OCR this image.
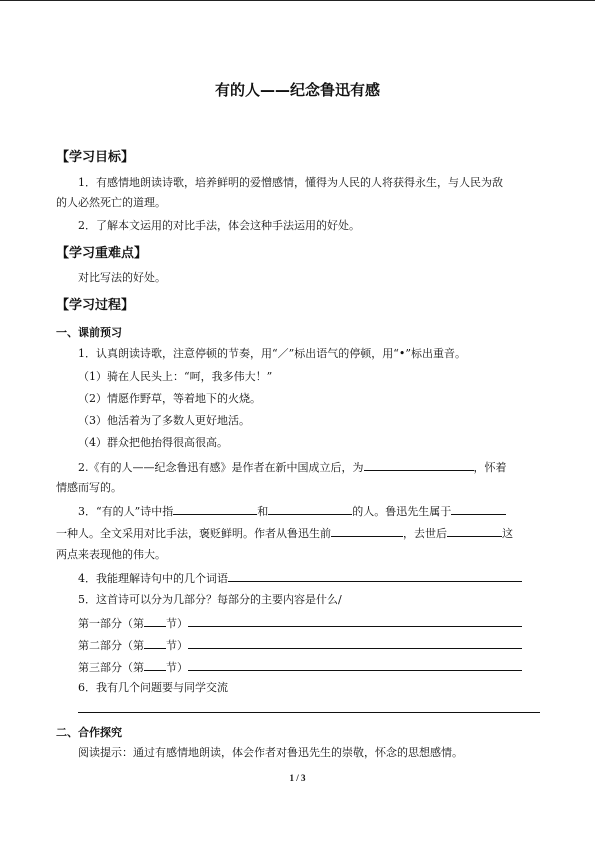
有的人——纪念鲁迅有感
【学习目标】
1．有感情地朗读诗歌，培养鲜明的爱憎感情，懂得为人民的人将获得永生，与人民为敌
的人必然死亡的道理。
2．了解本文运用的对比手法，体会这种手法运用的好处。
【学习重难点】
对比写法的好处。
【学习过程】
一、课前预习
1．认真朗读诗歌，注意停顿的节奏，用“／”标出语气的停顿，用“•”标出重音。
（1）骑在人民头上：“呵，我多伟大！”
（2）情愿作野草，等着地下的火烧。
（3）他活着为了多数人更好地活。
（4）群众把他抬得很高很高。
2.《有的人——纪念鲁迅有感》是作者在新中国成立后，为	，怀着
情感而写的。
3．“有的人”诗中指	和	的人。鲁迅先生属于
一种人。全文采用对比手法，褒贬鲜明。作者从鲁迅生前	，去世后	这
两点来表现他的伟大。
4．我能理解诗句中的几个词语
5．这首诗可以分为几部分？每部分的主要内容是什么/
第一部分（第 节）
第二部分（第 节）
第三部分（第 节）
6．我有几个问题要与同学交流
二、合作探究
阅读提示：通过有感情地朗读，体会作者对鲁迅先生的崇敬，怀念的思想感情。
1 / 3
